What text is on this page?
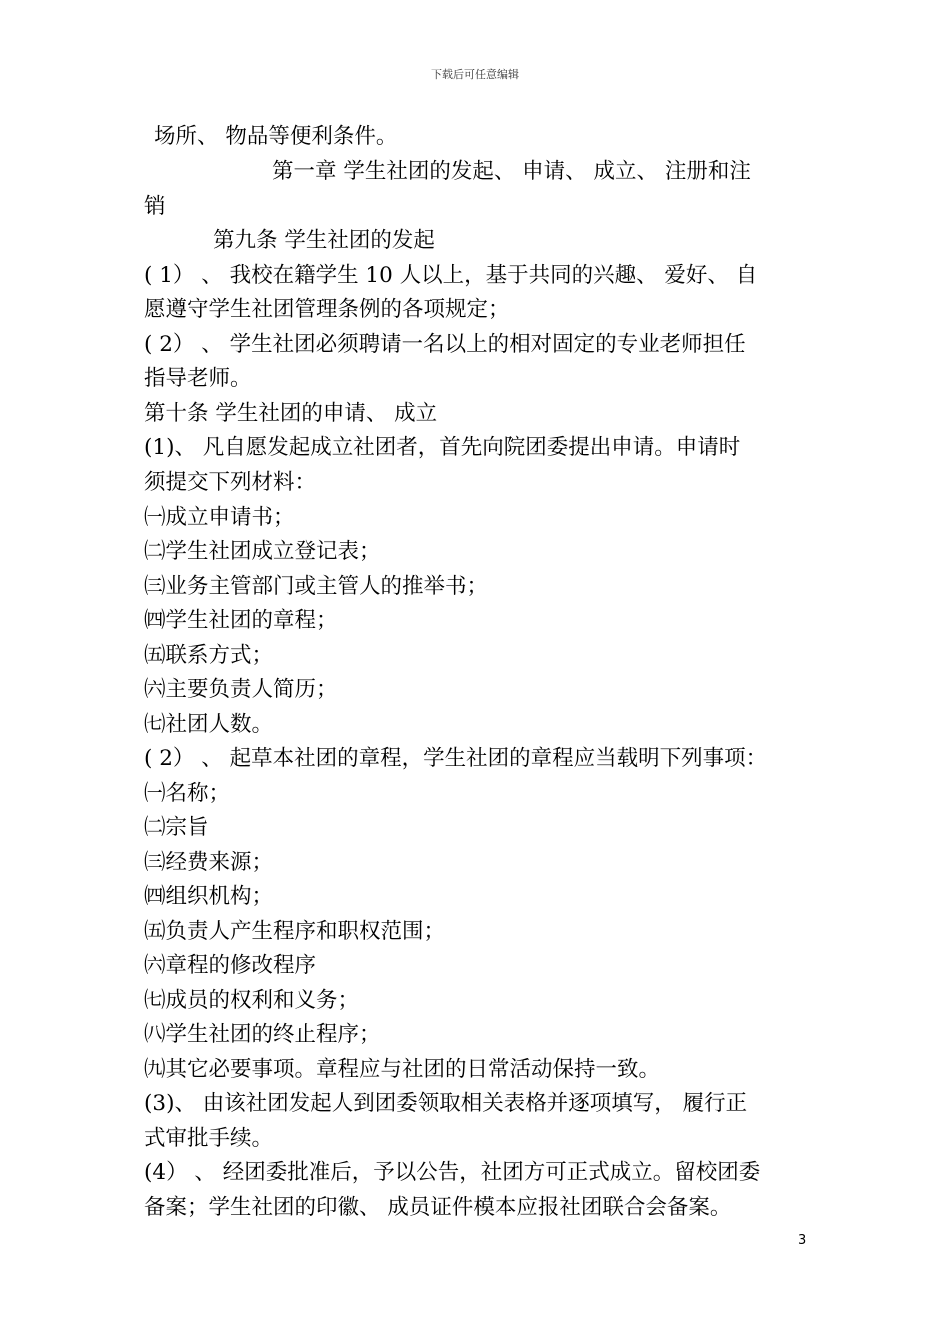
下载后可任意编辑

场所、 物品等便利条件。

第一章 学生社团的发起、 申请、 成立、 注册和注

销

第九条 学生社团的发起

( 1） 、 我校在籍学生 10 人以上，基于共同的兴趣、 爱好、 自

愿遵守学生社团管理条例的各项规定；

( 2） 、 学生社团必须聘请一名以上的相对固定的专业老师担任

指导老师。

第十条 学生社团的申请、 成立

(1)、 凡自愿发起成立社团者，首先向院团委提出申请。申请时

须提交下列材料：

㈠成立申请书；

㈡学生社团成立登记表；

㈢业务主管部门或主管人的推举书；

㈣学生社团的章程；

㈤联系方式；

㈥主要负责人简历；

㈦社团人数。

( 2） 、 起草本社团的章程，学生社团的章程应当载明下列事项：

㈠名称；

㈡宗旨

㈢经费来源；

㈣组织机构；

㈤负责人产生程序和职权范围；

㈥章程的修改程序

㈦成员的权利和义务；

㈧学生社团的终止程序；

㈨其它必要事项。章程应与社团的日常活动保持一致。

(3)、 由该社团发起人到团委领取相关表格并逐项填写， 履行正

式审批手续。

(4） 、 经团委批准后，予以公告，社团方可正式成立。留校团委

备案；学生社团的印徽、 成员证件模本应报社团联合会备案。

3
